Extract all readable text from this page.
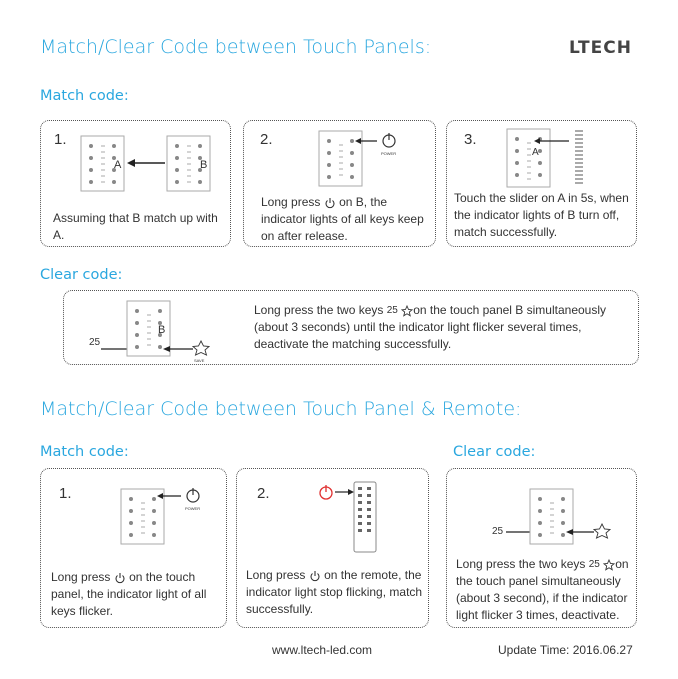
Match/Clear Code between Touch Panels:	LTECH
Match code:
1.
A	B
Assuming that B match up with A.
2.
POWER
Long press on B, the indicator lights of all keys keep on after release.
3.
A
Touch the slider on A in 5s, when the indicator lights of B turn off, match successfully.
Clear code:
25
B
SAVE
Long press the two keys 25 on the touch panel B simultaneously (about 3 seconds) until the indicator light flicker several times, deactivate the matching successfully.
Match/Clear Code between Touch Panel & Remote:
Match code:	Clear code:
1.
POWER
Long press on the touch panel, the indicator light of all keys flicker.
2.
Long press on the remote, the indicator light stop flicking, match successfully.
25
Long press the two keys 25 on the touch panel simultaneously (about 3 second), if the indicator light flicker 3 times, deactivate.
www.ltech-led.com	Update Time: 2016.06.27
